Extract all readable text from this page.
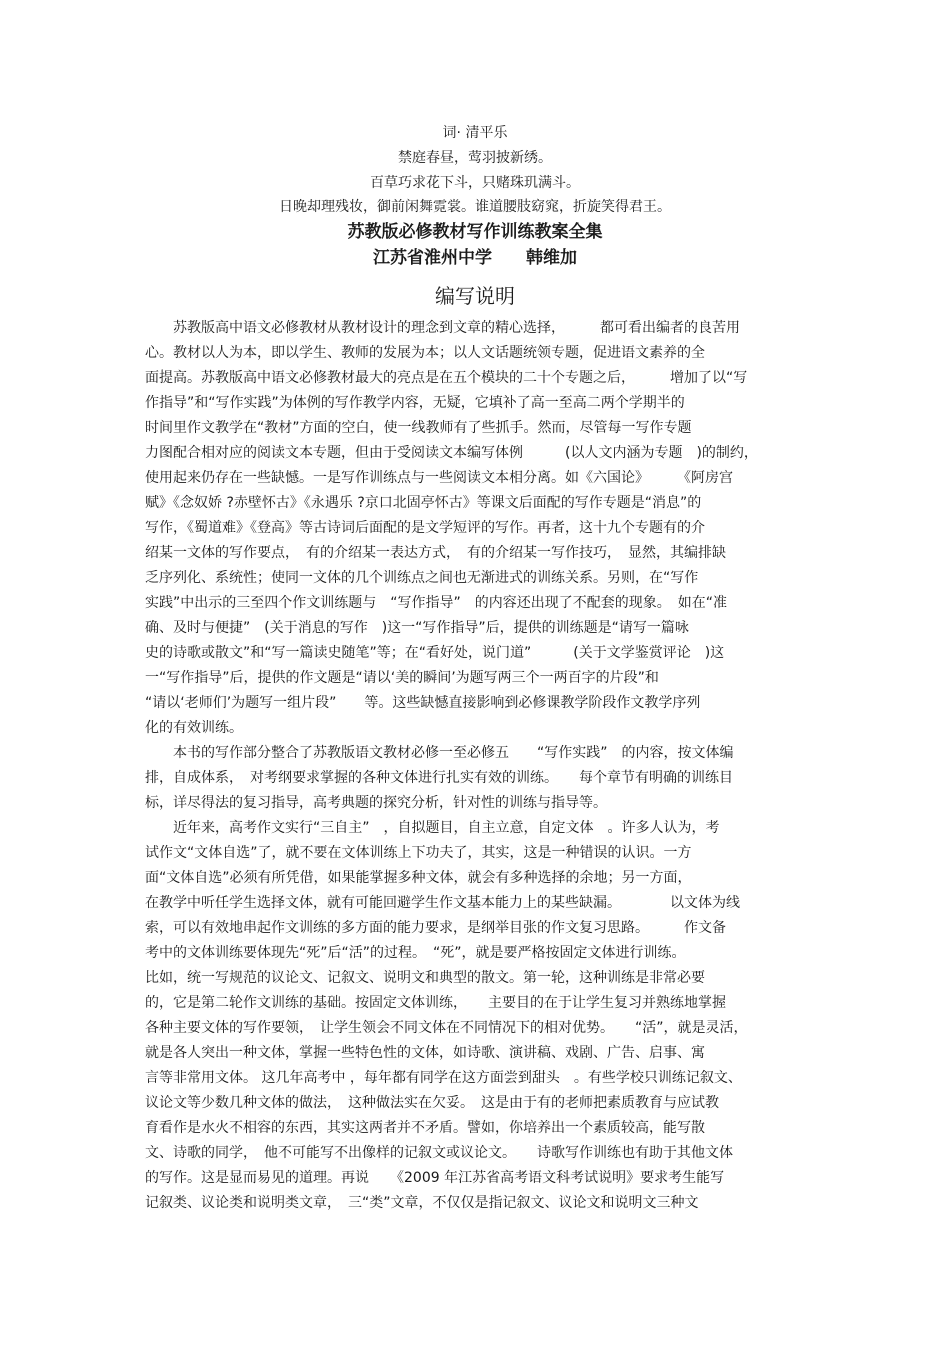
词· 清平乐
禁庭春昼，莺羽披新绣。
百草巧求花下斗，只赌珠玑满斗。
日晚却理残妆，御前闲舞霓裳。谁道腰肢窈窕，折旋笑得君王。
苏教版必修教材写作训练教案全集
江苏省淮州中学　　韩维加
编写说明
　　苏教版高中语文必修教材从教材设计的理念到文章的精心选择，　　　都可看出编者的良苦用
心。教材以人为本，即以学生、教师的发展为本；以人文话题统领专题，促进语文素养的全
面提高。苏教版高中语文必修教材最大的亮点是在五个模块的二十个专题之后，　　　增加了以“写
作指导”和“写作实践”为体例的写作教学内容，无疑，它填补了高一至高二两个学期半的
时间里作文教学在“教材”方面的空白，使一线教师有了些抓手。然而，尽管每一写作专题
力图配合相对应的阅读文本专题，但由于受阅读文本编写体例　　　(以人文内涵为专题　)的制约，
使用起来仍存在一些缺憾。一是写作训练点与一些阅读文本相分离。如《六国论》　　　《阿房宫
赋》《念奴娇 ?赤壁怀古》《永遇乐 ?京口北固亭怀古》等课文后面配的写作专题是“消息”的
写作，《蜀道难》《登高》等古诗词后面配的是文学短评的写作。再者，这十九个专题有的介
绍某一文体的写作要点，　有的介绍某一表达方式，　有的介绍某一写作技巧，　显然，其编排缺
乏序列化、系统性；使同一文体的几个训练点之间也无渐进式的训练关系。另则，在“写作
实践”中出示的三至四个作文训练题与　“写作指导”　的内容还出现了不配套的现象。　如在“准
确、及时与便捷”　(关于消息的写作　)这一“写作指导”后，提供的训练题是“请写一篇咏
史的诗歌或散文”和“写一篇读史随笔”等；在“看好处，说门道”　　　(关于文学鉴赏评论　)这
一“写作指导”后，提供的作文题是“请以‘美的瞬间’为题写两三个一两百字的片段”和
“请以‘老师们’为题写一组片段”　　等。这些缺憾直接影响到必修课教学阶段作文教学序列
化的有效训练。
　　本书的写作部分整合了苏教版语文教材必修一至必修五　　“写作实践”　的内容，按文体编
排，自成体系，　对考纲要求掌握的各种文体进行扎实有效的训练。　　每个章节有明确的训练目
标，详尽得法的复习指导，高考典题的探究分析，针对性的训练与指导等。
　　近年来，高考作文实行“三自主”　，自拟题目，自主立意，自定文体　。许多人认为，考
试作文“文体自选”了，就不要在文体训练上下功夫了，其实，这是一种错误的认识。一方
面“文体自选”必须有所凭借，如果能掌握多种文体，就会有多种选择的余地；另一方面，
在教学中听任学生选择文体，就有可能回避学生作文基本能力上的某些缺漏。　　　　以文体为线
索，可以有效地串起作文训练的多方面的能力要求，是纲举目张的作文复习思路。　　　作文备
考中的文体训练要体现先“死”后“活”的过程。　“死”，就是要严格按固定文体进行训练。
比如，统一写规范的议论文、记叙文、说明文和典型的散文。第一轮，这种训练是非常必要
的，它是第二轮作文训练的基础。按固定文体训练，　　主要目的在于让学生复习并熟练地掌握
各种主要文体的写作要领，　让学生领会不同文体在不同情况下的相对优势。　　“活”，就是灵活，
就是各人突出一种文体，掌握一些特色性的文体，如诗歌、演讲稿、戏剧、广告、启事、寓
言等非常用文体。 这几年高考中 ，每年都有同学在这方面尝到甜头　。有些学校只训练记叙文、
议论文等少数几种文体的做法，　这种做法实在欠妥。　这是由于有的老师把素质教育与应试教
育看作是水火不相容的东西，其实这两者并不矛盾。譬如，你培养出一个素质较高，能写散
文、诗歌的同学，　他不可能写不出像样的记叙文或议论文。　　诗歌写作训练也有助于其他文体
的写作。这是显而易见的道理。再说　　《2009 年江苏省高考语文科考试说明》要求考生能写
记叙类、议论类和说明类文章，　三“类”文章，不仅仅是指记叙文、议论文和说明文三种文
